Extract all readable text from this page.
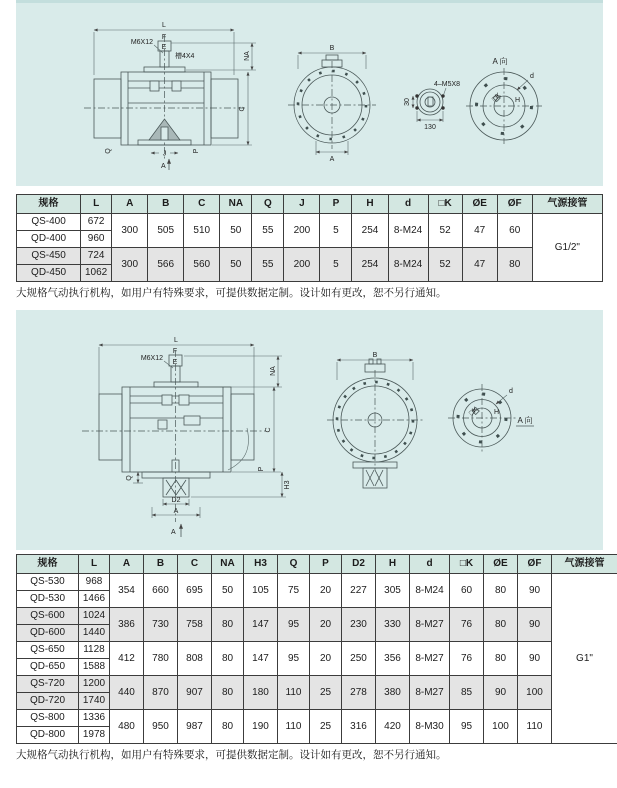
L
F
E
M6X12
槽4X4
Q	J	P
A
NA
C
B
A
30
130
4–M5X8
A 向
d
□K H
规格	L	A	B	C	NA	Q	J	P	H	d	□K	ØE	ØF	气源接管
QS-400	672	300	505	510	50	55	200	5	254	8-M24	52	47	60	G1/2"
QD-400	960													
QS-450	724	300	566	560	50	55	200	5	254	8-M24	52	47	80	
QD-450	1062													

大规格气动执行机构，如用户有特殊要求，可提供数据定制。设计如有更改，恕不另行通知。

L
F
E
M6X12
NA
C
P
H3
Q
D2
A
A
B
d
□K H
A 向
规格	L	A	B	C	NA	H3	Q	P	D2	H	d	□K	ØE	ØF	气源接管
QS-530	968	354	660	695	50	105	75	20	227	305	8-M24	60	80	90	G1"
QD-530	1466														
QS-600	1024	386	730	758	80	147	95	20	230	330	8-M27	76	80	90	
QD-600	1440														
QS-650	1128	412	780	808	80	147	95	20	250	356	8-M27	76	80	90	
QD-650	1588														
QS-720	1200	440	870	907	80	180	110	25	278	380	8-M27	85	90	100	
QD-720	1740														
QS-800	1336	480	950	987	80	190	110	25	316	420	8-M30	95	100	110	
QD-800	1978														

大规格气动执行机构，如用户有特殊要求，可提供数据定制。设计如有更改，恕不另行通知。
